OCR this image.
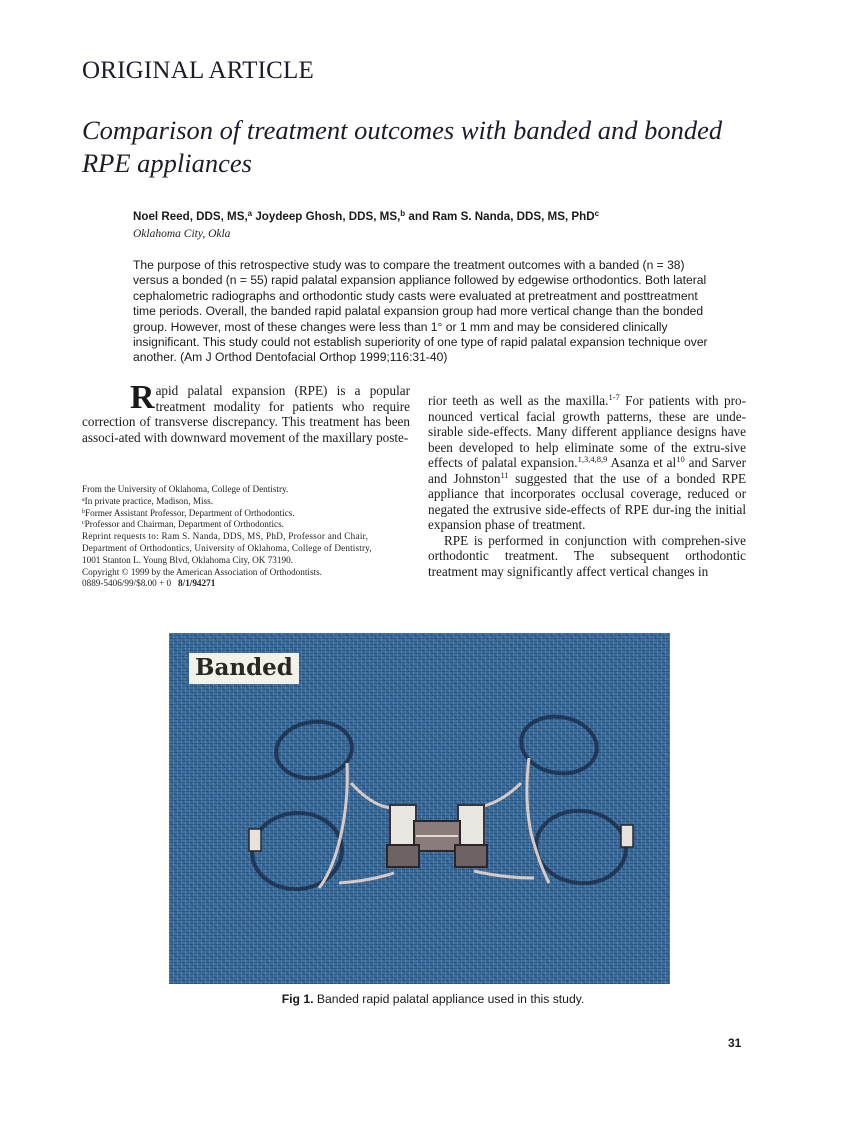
ORIGINAL ARTICLE
Comparison of treatment outcomes with banded and bonded
RPE appliances
Noel Reed, DDS, MS,$^a$ Joydeep Ghosh, DDS, MS,$^b$ and Ram S. Nanda, DDS, MS, PhD$^c$
Oklahoma City, Okla
The purpose of this retrospective study was to compare the treatment outcomes with a banded (n = 38)
versus a bonded (n = 55) rapid palatal expansion appliance followed by edgewise orthodontics. Both lateral
cephalometric radiographs and orthodontic study casts were evaluated at pretreatment and posttreatment
time periods. Overall, the banded rapid palatal expansion group had more vertical change than the bonded
group. However, most of these changes were less than 1° or 1 mm and may be considered clinically
insignificant. This study could not establish superiority of one type of rapid palatal expansion technique over
another. (Am J Orthod Dentofacial Orthop 1999;116:31-40)

Rapid palatal expansion (RPE) is a popular treatment modality for patients who require correction of transverse discrepancy. This treatment has been associ-ated with downward movement of the maxillary poste-

From the University of Oklahoma, College of Dentistry.
$^a$In private practice, Madison, Miss.
$^b$Former Assistant Professor, Department of Orthodontics.
$^c$Professor and Chairman, Department of Orthodontics.
Reprint requests to: Ram S. Nanda, DDS, MS, PhD, Professor and Chair,
Department of Orthodontics, University of Oklahoma, College of Dentistry,
1001 Stanton L. Young Blvd, Oklahoma City, OK 73190.
Copyright © 1999 by the American Association of Orthodontists.
0889-5406/99/$8.00 + 0 8/1/94271

rior teeth as well as the maxilla.$^{1-7}$ For patients with pro-nounced vertical facial growth patterns, these are unde-sirable side-effects. Many different appliance designs have been developed to help eliminate some of the extru-sive effects of palatal expansion.$^{1,3,4,8,9}$ Asanza et al$^{10}$ and Sarver and Johnston$^{11}$ suggested that the use of a bonded RPE appliance that incorporates occlusal coverage, reduced or negated the extrusive side-effects of RPE dur-ing the initial expansion phase of treatment.

RPE is performed in conjunction with comprehen-sive orthodontic treatment. The subsequent orthodontic treatment may significantly affect vertical changes in

Banded
Fig 1. Banded rapid palatal appliance used in this study.
31
